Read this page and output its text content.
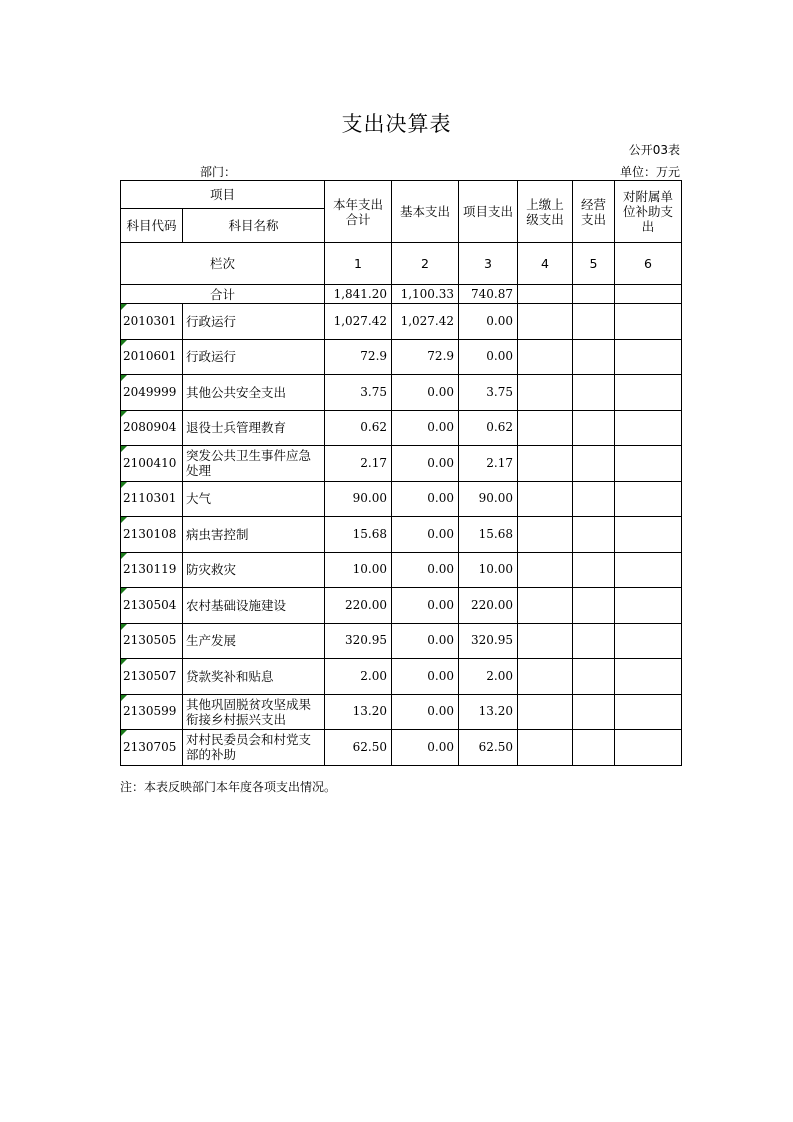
支出决算表
公开03表
部门：	单位：万元
项目		本年支出合计	基本支出	项目支出	上缴上级支出	经营支出	对附属单位补助支出
科目代码	科目名称						
栏次		1	2	3	4	5	6
合计		1,841.20	1,100.33	740.87			
2010301	行政运行	1,027.42	1,027.42	0.00			
2010601	行政运行	72.9	72.9	0.00			
2049999	其他公共安全支出	3.75	0.00	3.75			
2080904	退役士兵管理教育	0.62	0.00	0.62			
2100410	突发公共卫生事件应急处理	2.17	0.00	2.17			
2110301	大气	90.00	0.00	90.00			
2130108	病虫害控制	15.68	0.00	15.68			
2130119	防灾救灾	10.00	0.00	10.00			
2130504	农村基础设施建设	220.00	0.00	220.00			
2130505	生产发展	320.95	0.00	320.95			
2130507	贷款奖补和贴息	2.00	0.00	2.00			
2130599	其他巩固脱贫攻坚成果衔接乡村振兴支出	13.20	0.00	13.20			
2130705	对村民委员会和村党支部的补助	62.50	0.00	62.50			
注：本表反映部门本年度各项支出情况。
